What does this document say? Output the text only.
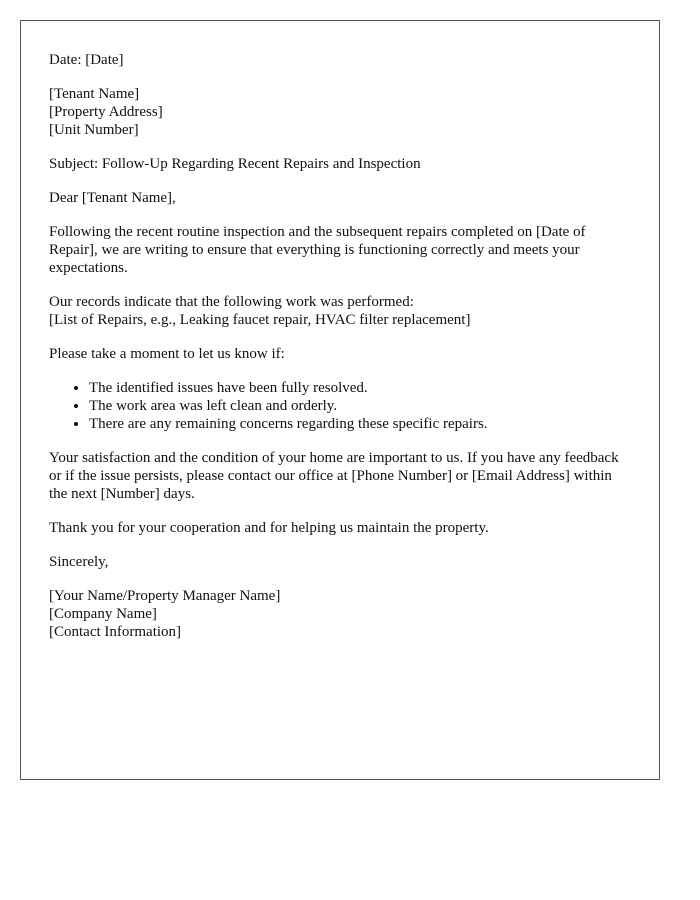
Date: [Date]

[Tenant Name]
[Property Address]
[Unit Number]

Subject: Follow-Up Regarding Recent Repairs and Inspection

Dear [Tenant Name],

Following the recent routine inspection and the subsequent repairs completed on [Date of Repair], we are writing to ensure that everything is functioning correctly and meets your expectations.

Our records indicate that the following work was performed:
[List of Repairs, e.g., Leaking faucet repair, HVAC filter replacement]

Please take a moment to let us know if:

• The identified issues have been fully resolved.
• The work area was left clean and orderly.
• There are any remaining concerns regarding these specific repairs.

Your satisfaction and the condition of your home are important to us. If you have any feedback or if the issue persists, please contact our office at [Phone Number] or [Email Address] within the next [Number] days.

Thank you for your cooperation and for helping us maintain the property.

Sincerely,

[Your Name/Property Manager Name]
[Company Name]
[Contact Information]
